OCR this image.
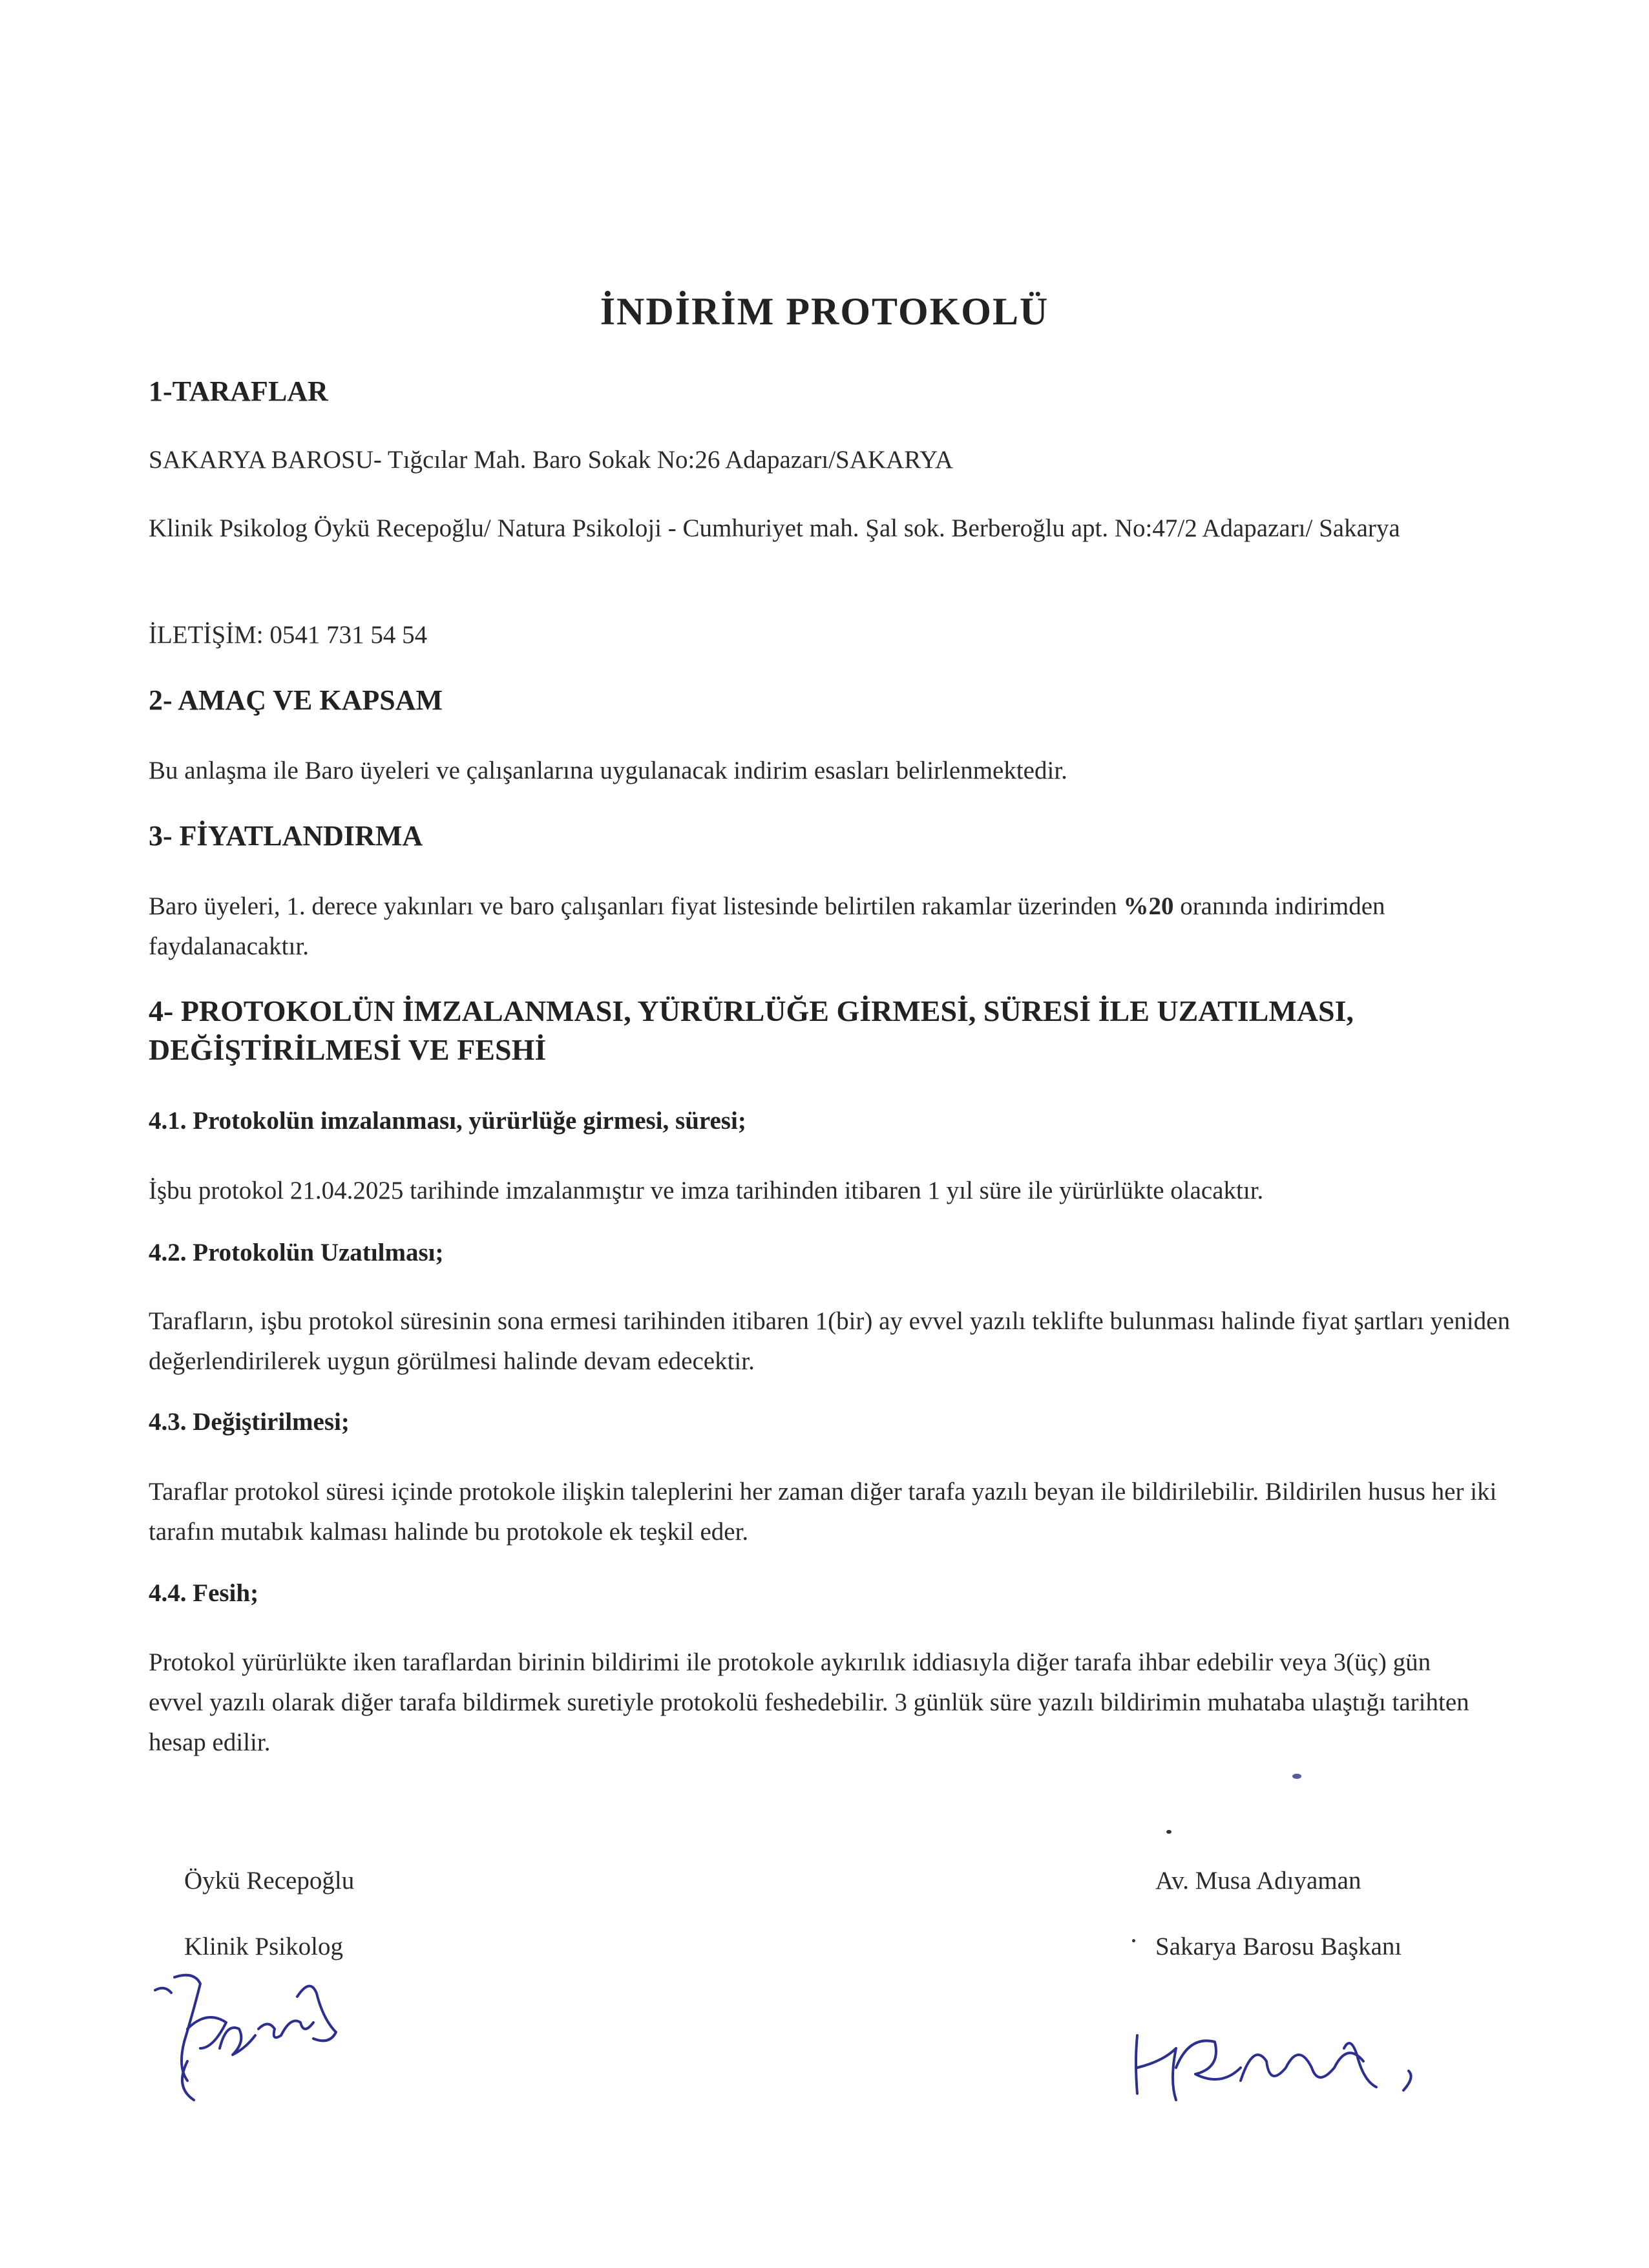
İNDİRİM PROTOKOLÜ
1-TARAFLAR

SAKARYA BAROSU- Tığcılar Mah. Baro Sokak No:26 Adapazarı/SAKARYA

Klinik Psikolog Öykü Recepoğlu/ Natura Psikoloji - Cumhuriyet mah. Şal sok. Berberoğlu apt. No:47/2 Adapazarı/ Sakarya

İLETİŞİM: 0541 731 54 54

2- AMAÇ VE KAPSAM

Bu anlaşma ile Baro üyeleri ve çalışanlarına uygulanacak indirim esasları belirlenmektedir.

3- FİYATLANDIRMA

Baro üyeleri, 1. derece yakınları ve baro çalışanları fiyat listesinde belirtilen rakamlar üzerinden %20 oranında indirimden faydalanacaktır.

4- PROTOKOLÜN İMZALANMASI, YÜRÜRLÜĞE GİRMESİ, SÜRESİ İLE UZATILMASI, DEĞİŞTİRİLMESİ VE FESHİ
4.1. Protokolün imzalanması, yürürlüğe girmesi, süresi;

İşbu protokol 21.04.2025 tarihinde imzalanmıştır ve imza tarihinden itibaren 1 yıl süre ile yürürlükte olacaktır.

4.2. Protokolün Uzatılması;

Tarafların, işbu protokol süresinin sona ermesi tarihinden itibaren 1(bir) ay evvel yazılı teklifte bulunması halinde fiyat şartları yeniden değerlendirilerek uygun görülmesi halinde devam edecektir.

4.3. Değiştirilmesi;

Taraflar protokol süresi içinde protokole ilişkin taleplerini her zaman diğer tarafa yazılı beyan ile bildirilebilir. Bildirilen husus her iki tarafın mutabık kalması halinde bu protokole ek teşkil eder.

4.4. Fesih;

Protokol yürürlükte iken taraflardan birinin bildirimi ile protokole aykırılık iddiasıyla diğer tarafa ihbar edebilir veya 3(üç) gün evvel yazılı olarak diğer tarafa bildirmek suretiyle protokolü feshedebilir. 3 günlük süre yazılı bildirimin muhataba ulaştığı tarihten hesap edilir.

Öykü Recepoğlu
Klinik Psikolog
Av. Musa Adıyaman
Sakarya Barosu Başkanı
